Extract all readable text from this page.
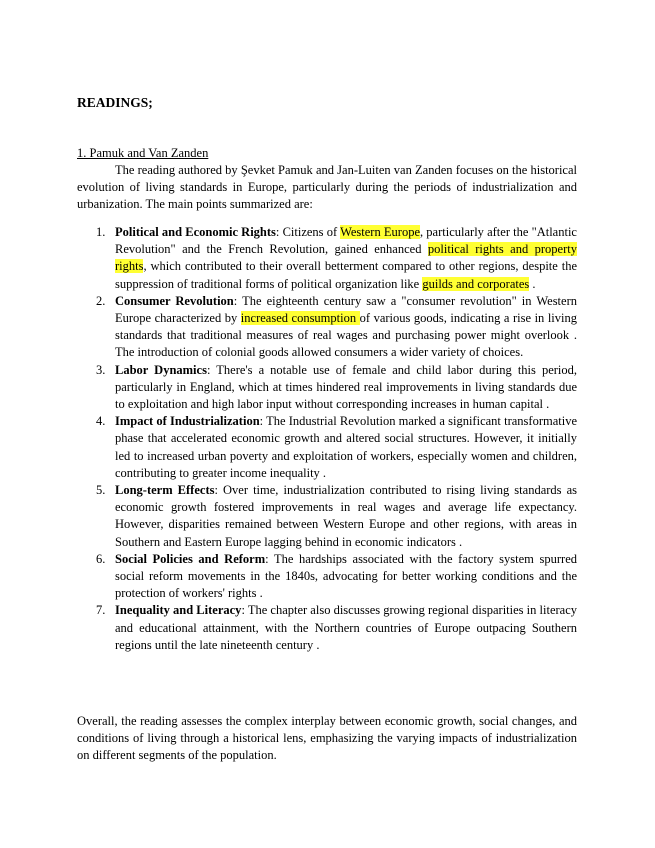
READINGS;
1. Pamuk and Van Zanden

The reading authored by Şevket Pamuk and Jan-Luiten van Zanden focuses on the historical evolution of living standards in Europe, particularly during the periods of industrialization and urbanization. The main points summarized are:

1. Political and Economic Rights: Citizens of Western Europe, particularly after the "Atlantic Revolution" and the French Revolution, gained enhanced political rights and property rights, which contributed to their overall betterment compared to other regions, despite the suppression of traditional forms of political organization like guilds and corporates .
2. Consumer Revolution: The eighteenth century saw a "consumer revolution" in Western Europe characterized by increased consumption of various goods, indicating a rise in living standards that traditional measures of real wages and purchasing power might overlook . The introduction of colonial goods allowed consumers a wider variety of choices.
3. Labor Dynamics: There's a notable use of female and child labor during this period, particularly in England, which at times hindered real improvements in living standards due to exploitation and high labor input without corresponding increases in human capital .
4. Impact of Industrialization: The Industrial Revolution marked a significant transformative phase that accelerated economic growth and altered social structures. However, it initially led to increased urban poverty and exploitation of workers, especially women and children, contributing to greater income inequality .
5. Long-term Effects: Over time, industrialization contributed to rising living standards as economic growth fostered improvements in real wages and average life expectancy. However, disparities remained between Western Europe and other regions, with areas in Southern and Eastern Europe lagging behind in economic indicators .
6. Social Policies and Reform: The hardships associated with the factory system spurred social reform movements in the 1840s, advocating for better working conditions and the protection of workers' rights .
7. Inequality and Literacy: The chapter also discusses growing regional disparities in literacy and educational attainment, with the Northern countries of Europe outpacing Southern regions until the late nineteenth century .

Overall, the reading assesses the complex interplay between economic growth, social changes, and conditions of living through a historical lens, emphasizing the varying impacts of industrialization on different segments of the population.
